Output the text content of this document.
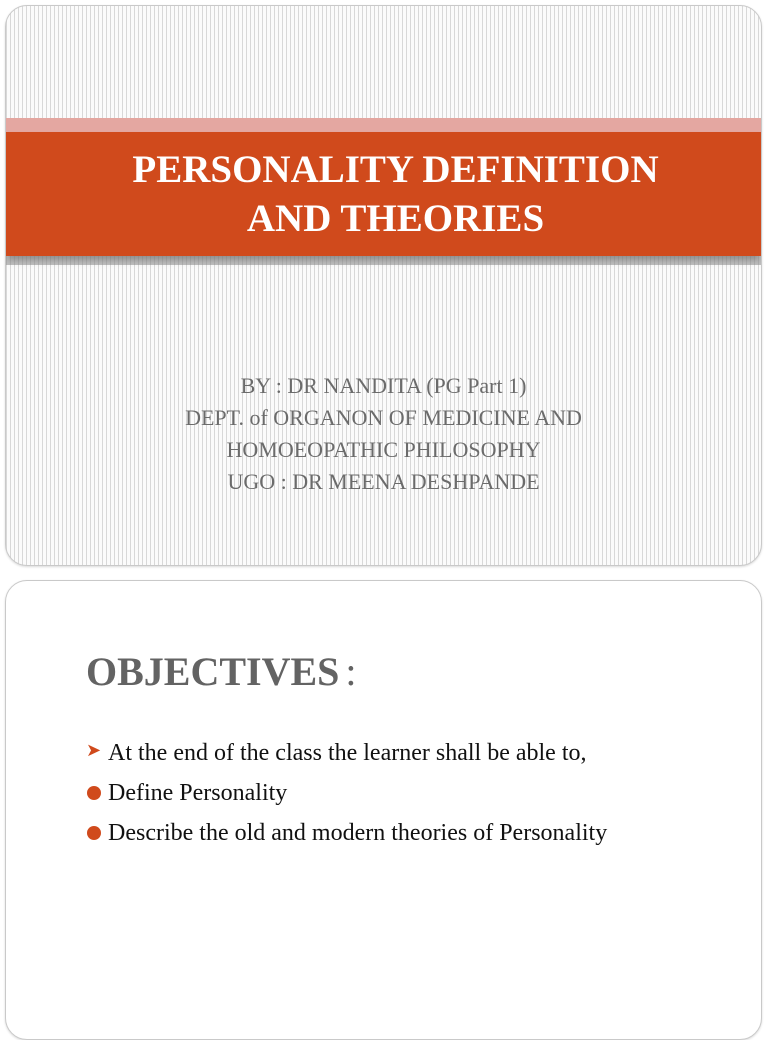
PERSONALITY DEFINITION
AND THEORIES
BY : DR NANDITA (PG Part 1)
DEPT. of ORGANON OF MEDICINE AND
HOMOEOPATHIC PHILOSOPHY
UGO : DR MEENA DESHPANDE
OBJECTIVES :
➤ At the end of the class the learner shall be able to,
Define Personality
Describe the old and modern theories of Personality
